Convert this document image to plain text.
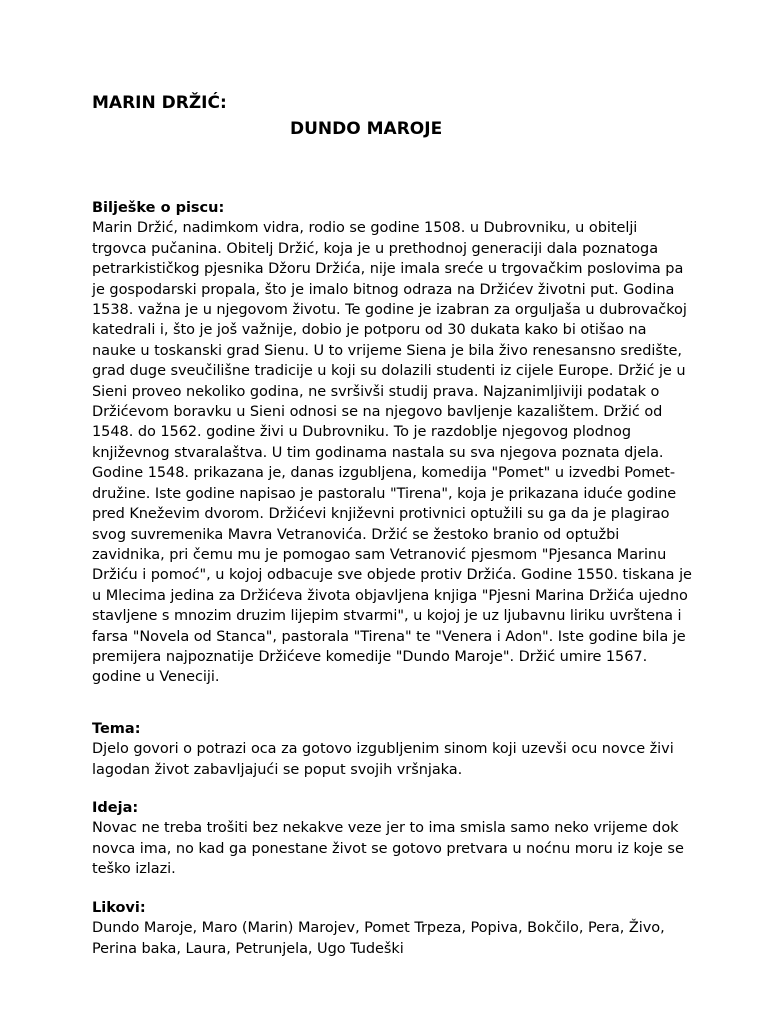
MARIN DRŽIĆ:
DUNDO MAROJE

Bilješke o piscu:

Marin Držić, nadimkom vidra, rodio se godine 1508. u Dubrovniku, u obitelji trgovca pučanina. Obitelj Držić, koja je u prethodnoj generaciji dala poznatoga petrarkističkog pjesnika Džoru Držića, nije imala sreće u trgovačkim poslovima pa je gospodarski propala, što je imalo bitnog odraza na Držićev životni put. Godina 1538. važna je u njegovom životu. Te godine je izabran za orguljaša u dubrovačkoj katedrali i, što je još važnije, dobio je potporu od 30 dukata kako bi otišao na nauke u toskanski grad Sienu. U to vrijeme Siena je bila živo renesansno središte, grad duge sveučilišne tradicije u koji su dolazili studenti iz cijele Europe. Držić je u Sieni proveo nekoliko godina, ne svršivši studij prava. Najzanimljiviji podatak o Držićevom boravku u Sieni odnosi se na njegovo bavljenje kazalištem. Držić od 1548. do 1562. godine živi u Dubrovniku. To je razdoblje njegovog plodnog književnog stvaralaštva. U tim godinama nastala su sva njegova poznata djela. Godine 1548. prikazana je, danas izgubljena, komedija "Pomet" u izvedbi Pomet-družine. Iste godine napisao je pastoralu "Tirena", koja je prikazana iduće godine pred Kneževim dvorom. Držićevi književni protivnici optužili su ga da je plagirao svog suvremenika Mavra Vetranovića. Držić se žestoko branio od optužbi zavidnika, pri čemu mu je pomogao sam Vetranović pjesmom "Pjesanca Marinu Držiću i pomoć", u kojoj odbacuje sve objede protiv Držića. Godine 1550. tiskana je u Mlecima jedina za Držićeva života objavljena knjiga "Pjesni Marina Držića ujedno stavljene s mnozim druzim lijepim stvarmi", u kojoj je uz ljubavnu liriku uvrštena i farsa "Novela od Stanca", pastorala "Tirena" te "Venera i Adon". Iste godine bila je premijera najpoznatije Držićeve komedije "Dundo Maroje". Držić umire 1567. godine u Veneciji.

Tema:

Djelo govori o potrazi oca za gotovo izgubljenim sinom koji uzevši ocu novce živi lagodan život zabavljajući se poput svojih vršnjaka.

Ideja:

Novac ne treba trošiti bez nekakve veze jer to ima smisla samo neko vrijeme dok novca ima, no kad ga ponestane život se gotovo pretvara u noćnu moru iz koje se teško izlazi.

Likovi:

Dundo Maroje, Maro (Marin) Marojev, Pomet Trpeza, Popiva, Bokčilo, Pera, Živo, Perina baka, Laura, Petrunjela, Ugo Tudeški
